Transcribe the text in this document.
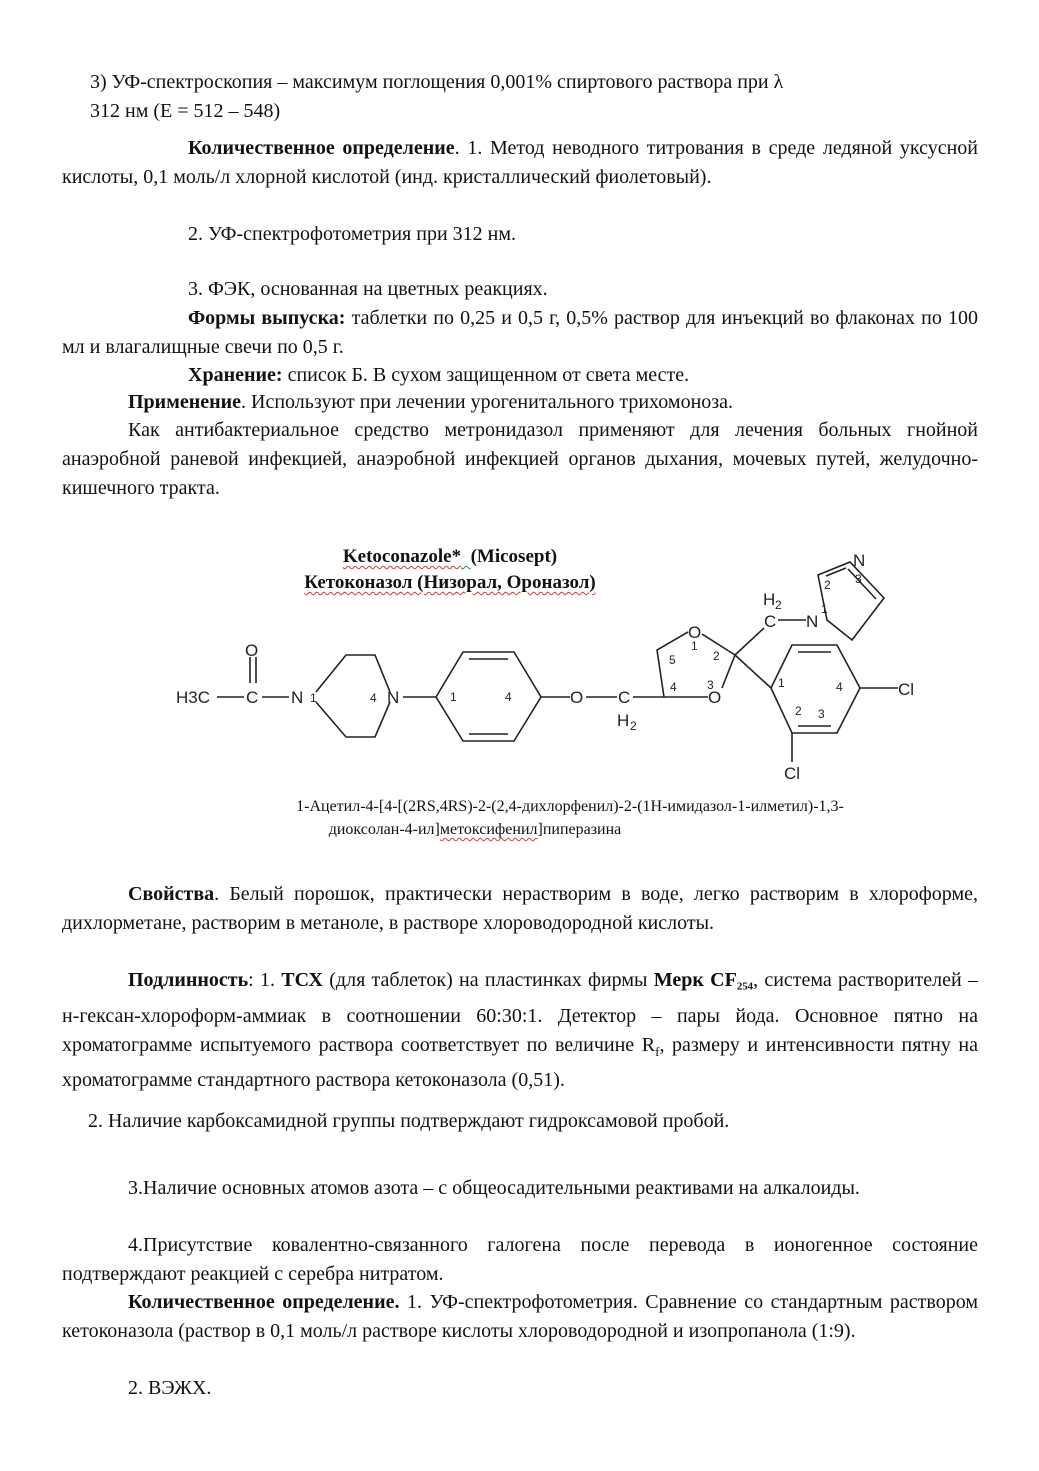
3) УФ-спектроскопия – максимум поглощения 0,001% спиртового раствора при λ

312 нм (Е = 512 – 548)

Количественное определение. 1. Метод неводного титрования в среде ледяной уксусной кислоты, 0,1 моль/л хлорной кислотой (инд. кристаллический фиолетовый).

2. УФ-спектрофотометрия при 312 нм.

3. ФЭК, основанная на цветных реакциях.

Формы выпуска: таблетки по 0,25 и 0,5 г, 0,5% раствор для инъекций во флаконах по 100 мл и влагалищные свечи по 0,5 г.

Хранение: список Б. В сухом защищенном от света месте.

Применение. Используют при лечении урогенитального трихомоноза.

Как антибактериальное средство метронидазол применяют для лечения больных гнойной анаэробной раневой инфекцией, анаэробной инфекцией органов дыхания, мочевых путей, желудочно-кишечного тракта.

Ketoconazole* (Micosept)
Кетоконазол (Низорал, Ороназол)
H3C C
O
N	N	O C
H
O
O
H
C N
N
Cl
Cl
2
2
1	4	1	4
1
2
3
4
5
1
2 3
1
2 3
4
1-Ацетил-4-[4-[(2RS,4RS)-2-(2,4-дихлорфенил)-2-(1H-имидазол-1-илметил)-1,3-
диоксолан-4-ил]метоксифенил]пиперазина

Свойства. Белый порошок, практически нерастворим в воде, легко растворим в хлороформе, дихлорметане, растворим в метаноле, в растворе хлороводородной кислоты.

Подлинность: 1. ТСХ (для таблеток) на пластинках фирмы Мерк $CF_{254}$, система растворителей – н-гексан-хлороформ-аммиак в соотношении 60:30:1. Детектор – пары йода. Основное пятно на хроматограмме испытуемого раствора соответствует по величине $R_f$, размеру и интенсивности пятну на хроматограмме стандартного раствора кетоконазола (0,51).

2. Наличие карбоксамидной группы подтверждают гидроксамовой пробой.

3.Наличие основных атомов азота – с общеосадительными реактивами на алкалоиды.

4.Присутствие ковалентно-связанного галогена после перевода в ионогенное состояние подтверждают реакцией с серебра нитратом.

Количественное определение. 1. УФ-спектрофотометрия. Сравнение со стандартным раствором кетоконазола (раствор в 0,1 моль/л растворе кислоты хлороводородной и изопропанола (1:9).

2. ВЭЖХ.
